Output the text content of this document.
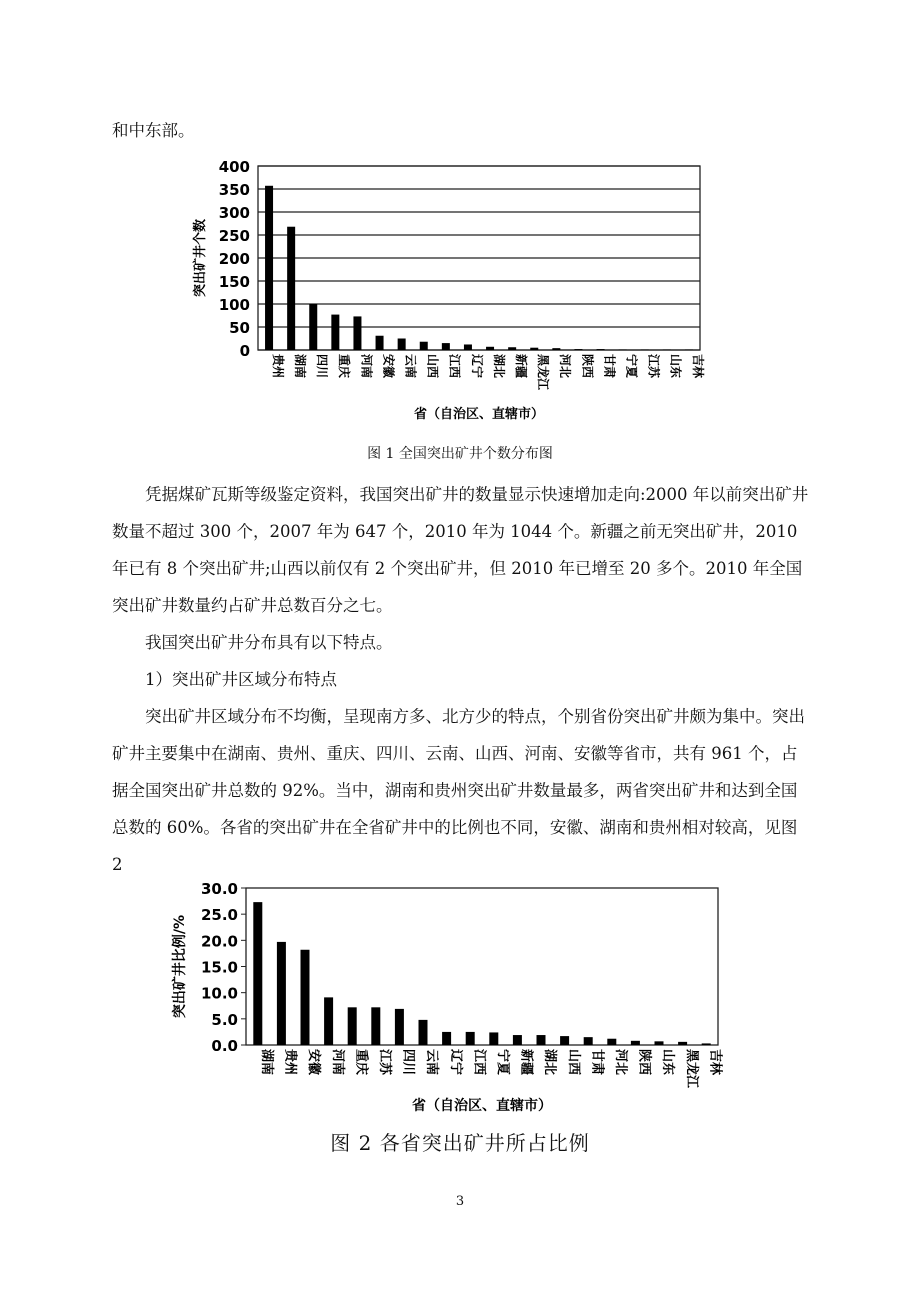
和中东部。

0
50
100
150
200
250
300
350
400
贵州 湖南 四川 重庆 河南 安徽 云南 山西 江西 辽宁 湖北 新疆 黑龙江 河北 陕西 甘肃 宁夏 江苏 山东 吉林
突出矿井个数
省（自治区、直辖市）
图 1 全国突出矿井个数分布图

凭据煤矿瓦斯等级鉴定资料，我国突出矿井的数量显示快速增加走向:2000 年以前突出矿井数量不超过 300 个，2007 年为 647 个，2010 年为 1044 个。新疆之前无突出矿井，2010 年已有 8 个突出矿井;山西以前仅有 2 个突出矿井，但 2010 年已增至 20 多个。2010 年全国突出矿井数量约占矿井总数百分之七。

我国突出矿井分布具有以下特点。

1）突出矿井区域分布特点

突出矿井区域分布不均衡，呈现南方多、北方少的特点，个别省份突出矿井颇为集中。突出矿井主要集中在湖南、贵州、重庆、四川、云南、山西、河南、安徽等省市，共有 961 个，占据全国突出矿井总数的 92%。当中，湖南和贵州突出矿井数量最多，两省突出矿井和达到全国总数的 60%。各省的突出矿井在全省矿井中的比例也不同，安徽、湖南和贵州相对较高，见图 2

0.0
5.0
10.0
15.0
20.0
25.0
30.0
湖南 贵州 安徽 河南 重庆 江苏 四川 云南 辽宁 江西 宁夏 新疆 湖北 山西 甘肃 河北 陕西 山东 黑龙江 吉林
突出矿井比例/%
省（自治区、直辖市）
图 2 各省突出矿井所占比例
3
